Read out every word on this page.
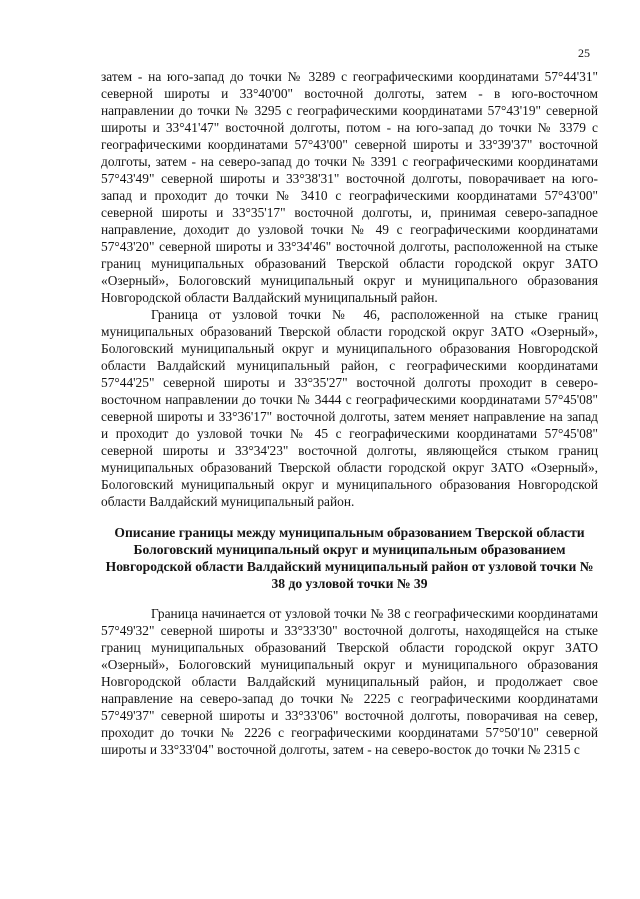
25

затем - на юго-запад до точки № 3289 с географическими координатами 57°44'31" северной широты и 33°40'00" восточной долготы, затем - в юго-восточном направлении до точки № 3295 с географическими координатами 57°43'19" северной широты и 33°41'47" восточной долготы, потом - на юго-запад до точки № 3379 с географическими координатами 57°43'00" северной широты и 33°39'37" восточной долготы, затем - на северо-запад до точки № 3391 с географическими координатами 57°43'49" северной широты и 33°38'31" восточной долготы, поворачивает на юго-запад и проходит до точки № 3410 с географическими координатами 57°43'00" северной широты и 33°35'17" восточной долготы, и, принимая северо-западное направление, доходит до узловой точки № 49 с географическими координатами 57°43'20" северной широты и 33°34'46" восточной долготы, расположенной на стыке границ муниципальных образований Тверской области городской округ ЗАТО «Озерный», Бологовский муниципальный округ и муниципального образования Новгородской области Валдайский муниципальный район.

Граница от узловой точки № 46, расположенной на стыке границ муниципальных образований Тверской области городской округ ЗАТО «Озерный», Бологовский муниципальный округ и муниципального образования Новгородской области Валдайский муниципальный район, с географическими координатами 57°44'25" северной широты и 33°35'27" восточной долготы проходит в северо-восточном направлении до точки № 3444 с географическими координатами 57°45'08" северной широты и 33°36'17" восточной долготы, затем меняет направление на запад и проходит до узловой точки № 45 с географическими координатами 57°45'08" северной широты и 33°34'23" восточной долготы, являющейся стыком границ муниципальных образований Тверской области городской округ ЗАТО «Озерный», Бологовский муниципальный округ и муниципального образования Новгородской области Валдайский муниципальный район.

Описание границы между муниципальным образованием Тверской области Бологовский муниципальный округ и муниципальным образованием Новгородской области Валдайский муниципальный район от узловой точки № 38 до узловой точки № 39

Граница начинается от узловой точки № 38 с географическими координатами 57°49'32" северной широты и 33°33'30" восточной долготы, находящейся на стыке границ муниципальных образований Тверской области городской округ ЗАТО «Озерный», Бологовский муниципальный округ и муниципального образования Новгородской области Валдайский муниципальный район, и продолжает свое направление на северо-запад до точки № 2225 с географическими координатами 57°49'37" северной широты и 33°33'06" восточной долготы, поворачивая на север, проходит до точки № 2226 с географическими координатами 57°50'10" северной широты и 33°33'04" восточной долготы, затем - на северо-восток до точки № 2315 с
